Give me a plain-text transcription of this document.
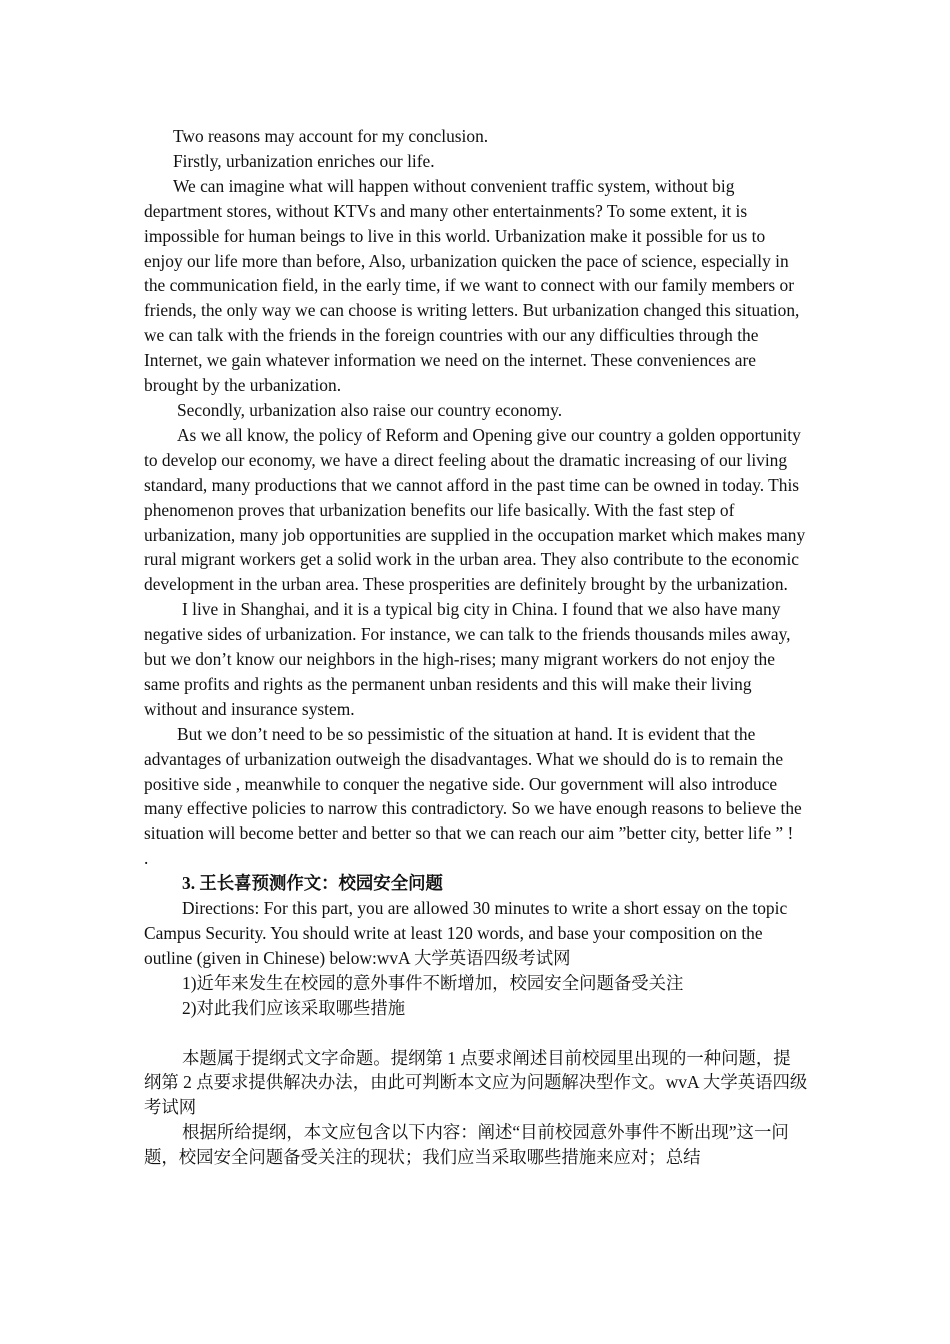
Two reasons may account for my conclusion.

Firstly, urbanization enriches our life.

We can imagine what will happen without convenient traffic system, without big department stores, without KTVs and many other entertainments? To some extent, it is impossible for human beings to live in this world. Urbanization make it possible for us to enjoy our life more than before, Also, urbanization quicken the pace of science, especially in the communication field, in the early time, if we want to connect with our family members or friends, the only way we can choose is writing letters. But urbanization changed this situation, we can talk with the friends in the foreign countries with our any difficulties through the Internet, we gain whatever information we need on the internet. These conveniences are brought by the urbanization.

Secondly, urbanization also raise our country economy.

As we all know, the policy of Reform and Opening give our country a golden opportunity to develop our economy, we have a direct feeling about the dramatic increasing of our living standard, many productions that we cannot afford in the past time can be owned in today. This phenomenon proves that urbanization benefits our life basically. With the fast step of urbanization, many job opportunities are supplied in the occupation market which makes many rural migrant workers get a solid work in the urban area. They also contribute to the economic development in the urban area. These prosperities are definitely brought by the urbanization.

I live in Shanghai, and it is a typical big city in China. I found that we also have many negative sides of urbanization. For instance, we can talk to the friends thousands miles away, but we don’t know our neighbors in the high-rises; many migrant workers do not enjoy the same profits and rights as the permanent unban residents and this will make their living without and insurance system.

But we don’t need to be so pessimistic of the situation at hand. It is evident that the advantages of urbanization outweigh the disadvantages. What we should do is to remain the positive side , meanwhile to conquer the negative side. Our government will also introduce many effective policies to narrow this contradictory. So we have enough reasons to believe the situation will become better and better so that we can reach our aim ”better city, better life ” !

.

3. 王长喜预测作文：校园安全问题

Directions: For this part, you are allowed 30 minutes to write a short essay on the topic Campus Security. You should write at least 120 words, and base your composition on the outline (given in Chinese) below:wvA 大学英语四级考试网

1)近年来发生在校园的意外事件不断增加，校园安全问题备受关注

2)对此我们应该采取哪些措施

本题属于提纲式文字命题。提纲第 1 点要求阐述目前校园里出现的一种问题，提纲第 2 点要求提供解决办法，由此可判断本文应为问题解决型作文。wvA 大学英语四级考试网

根据所给提纲，本文应包含以下内容：阐述“目前校园意外事件不断出现”这一问题，校园安全问题备受关注的现状；我们应当采取哪些措施来应对；总结
